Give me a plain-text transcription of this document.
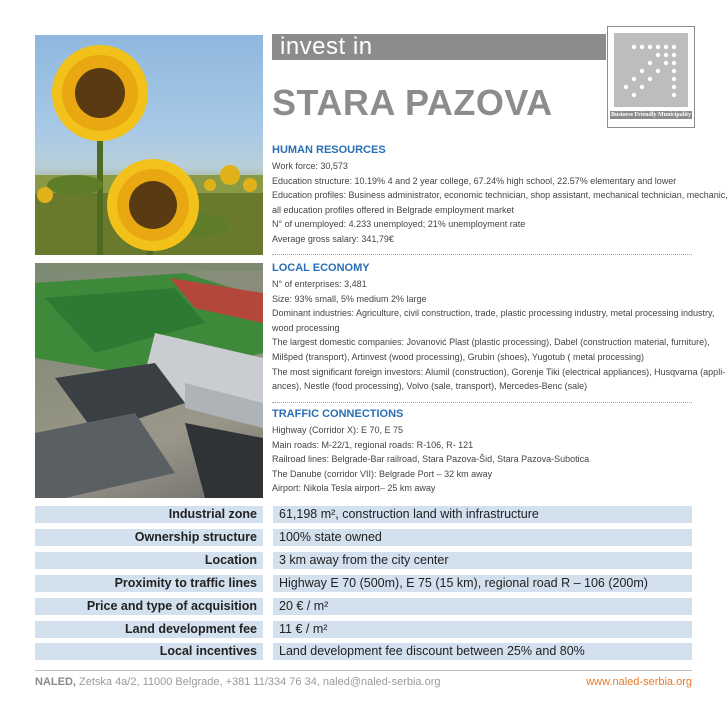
invest in
STARA PAZOVA	Business Friendly Municipality
HUMAN RESOURCES
Work force: 30,573
Education structure: 10.19% 4 and 2 year college, 67.24% high school, 22.57% elementary and lower
Education profiles: Business administrator, economic technician, shop assistant, mechanical technician, mechanic,
all education profiles offered in Belgrade employment market
N° of unemployed: 4.233 unemployed; 21% unemployment rate
Average gross salary: 341,79€
LOCAL ECONOMY
N° of enterprises: 3,481
Size: 93% small, 5% medium 2% large
Dominant industries: Agriculture, civil construction, trade, plastic processing industry, metal processing industry,
wood processing
The largest domestic companies: Jovanović Plast (plastic processing), Dabel (construction material, furniture),
Milšped (transport), Artinvest (wood processing), Grubin (shoes), Yugotub ( metal processing)
The most significant foreign investors: Alumil (construction), Gorenje Tiki (electrical appliances), Husqvarna (appli-
ances), Nestle (food processing), Volvo (sale, transport), Mercedes-Benc (sale)
TRAFFIC CONNECTIONS
Highway (Corridor X): E 70, E 75
Main roads: M-22/1, regional roads: R-106, R- 121
Railroad lines: Belgrade-Bar railroad, Stara Pazova-Šid, Stara Pazova-Subotica
The Danube (corridor VII): Belgrade Port – 32 km away
Airport: Nikola Tesla airport– 25 km away
Industrial zone	61,198 m², construction land with infrastructure
Ownership structure	100% state owned
Location	3 km away from the city center
Proximity to traffic lines	Highway E 70 (500m), E 75 (15 km), regional road R – 106 (200m)
Price and type of acquisition	20 € / m²
Land development fee	11 € / m²
Local incentives	Land development fee discount between 25% and 80%
NALED, Zetska 4a/2, 11000 Belgrade, +381 11/334 76 34, naled@naled-serbia.org	www.naled-serbia.org
